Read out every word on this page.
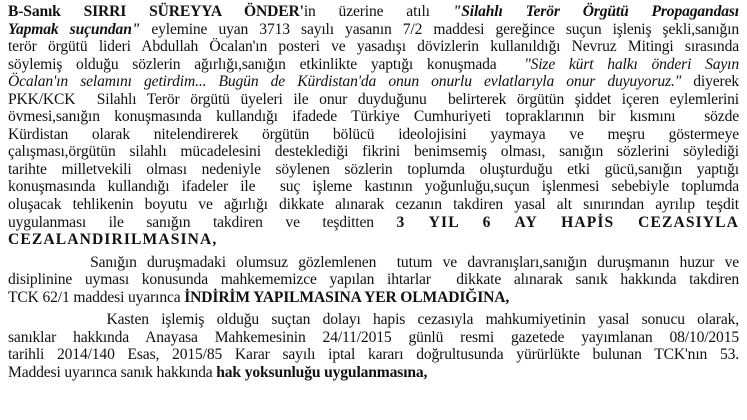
B-Sanık SIRRI SÜREYYA ÖNDER'in üzerine atılı "Silahlı Terör Örgütü Propagandası
Yapmak suçundan" eylemine uyan 3713 sayılı yasanın 7/2 maddesi gereğince suçun işleniş şekli,sanığın
terör örgütü lideri Abdullah Öcalan'ın posteri ve yasadışı dövizlerin kullanıldığı Nevruz Mitingi sırasında
söylemiş olduğu sözlerin ağırlığı,sanığın etkinlikte yaptığı konuşmada  "Size kürt halkı önderi Sayın
Öcalan'ın selamını getirdim... Bugün de Kürdistan'da onun onurlu evlatlarıyla onur duyuyoruz." diyerek
PKK/KCK  Silahlı Terör örgütü üyeleri ile onur duyduğunu  belirterek örgütün şiddet içeren eylemlerini
övmesi,sanığın konuşmasında kullandığı ifadede Türkiye Cumhuriyeti topraklarının bir kısmını  sözde
Kürdistan olarak nitelendirerek örgütün bölücü ideolojisini yaymaya ve meşru göstermeye
çalışması,örgütün silahlı mücadelesini desteklediği fikrini benimsemiş olması, sanığın sözlerini söylediği
tarihte milletvekili olması nedeniyle söylenen sözlerin toplumda oluşturduğu etki gücü,sanığın yaptığı
konuşmasında kullandığı ifadeler ile  suç işleme kastının yoğunluğu,suçun işlenmesi sebebiyle toplumda
oluşacak tehlikenin boyutu ve ağırlığı dikkate alınarak cezanın takdiren yasal alt sınırından ayrılıp teşdit
uygulanması ile sanığın takdiren ve teşditten 3 YIL 6 AY HAPİS CEZASIYLA
CEZALANDIRILMASINA,
Sanığın duruşmadaki olumsuz gözlemlenen  tutum ve davranışları,sanığın duruşmanın huzur ve
disiplinine uyması konusunda mahkememizce yapılan ihtarlar  dikkate alınarak sanık hakkında takdiren
TCK 62/1 maddesi uyarınca İNDİRİM YAPILMASINA YER OLMADIĞINA,
Kasten işlemiş olduğu suçtan dolayı hapis cezasıyla mahkumiyetinin yasal sonucu olarak,
sanıklar hakkında Anayasa Mahkemesinin 24/11/2015 günlü resmi gazetede yayımlanan 08/10/2015
tarihli 2014/140 Esas, 2015/85 Karar sayılı iptal kararı doğrultusunda yürürlükte bulunan TCK'nın 53.
Maddesi uyarınca sanık hakkında hak yoksunluğu uygulanmasına,
